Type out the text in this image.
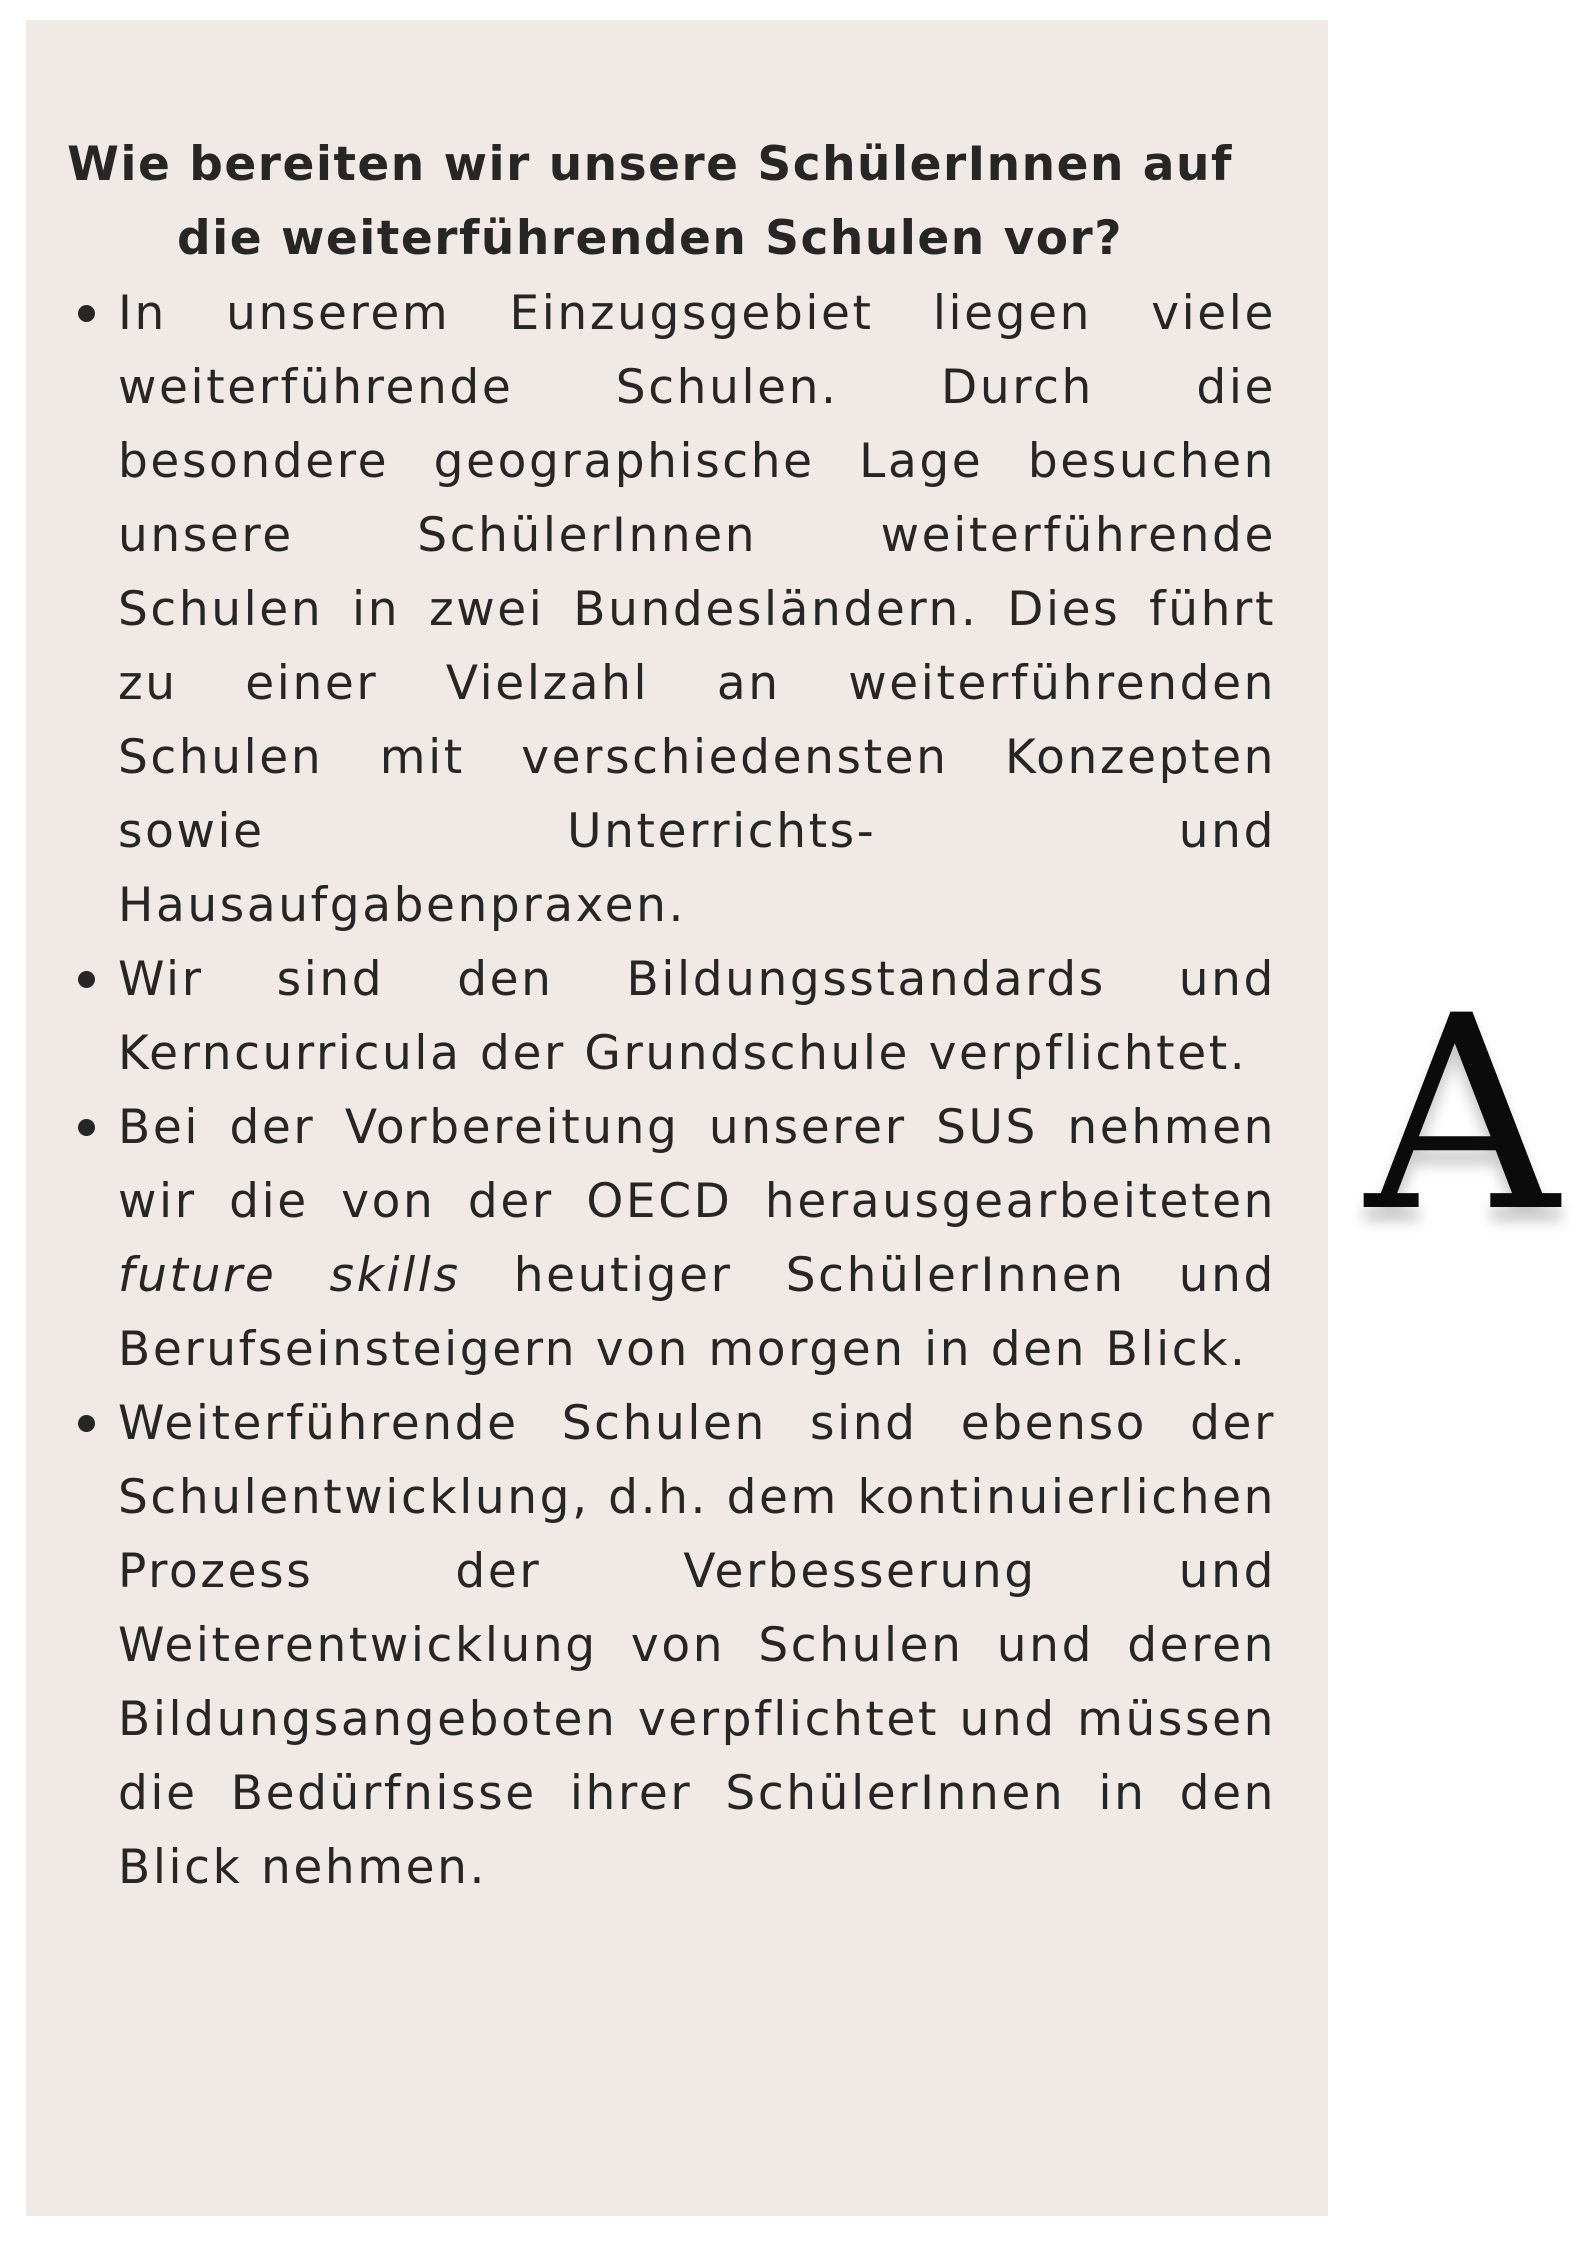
Wie bereiten wir unsere SchülerInnen auf die weiterführenden Schulen vor?
In unserem Einzugsgebiet liegen viele weiterführende Schulen. Durch die besondere geographische Lage besuchen unsere SchülerInnen weiterführende Schulen in zwei Bundesländern. Dies führt zu einer Vielzahl an weiterführenden Schulen mit verschiedensten Konzepten sowie Unterrichts- und Hausaufgabenpraxen.
Wir sind den Bildungsstandards und Kerncurricula der Grundschule verpflichtet.
Bei der Vorbereitung unserer SUS nehmen wir die von der OECD herausgearbeiteten future skills heutiger SchülerInnen und Berufseinsteigern von morgen in den Blick.
Weiterführende Schulen sind ebenso der Schulentwicklung, d.h. dem kontinuierlichen Prozess der Verbesserung und Weiterentwicklung von Schulen und deren Bildungsangeboten verpflichtet und müssen die Bedürfnisse ihrer SchülerInnen in den Blick nehmen.
A
